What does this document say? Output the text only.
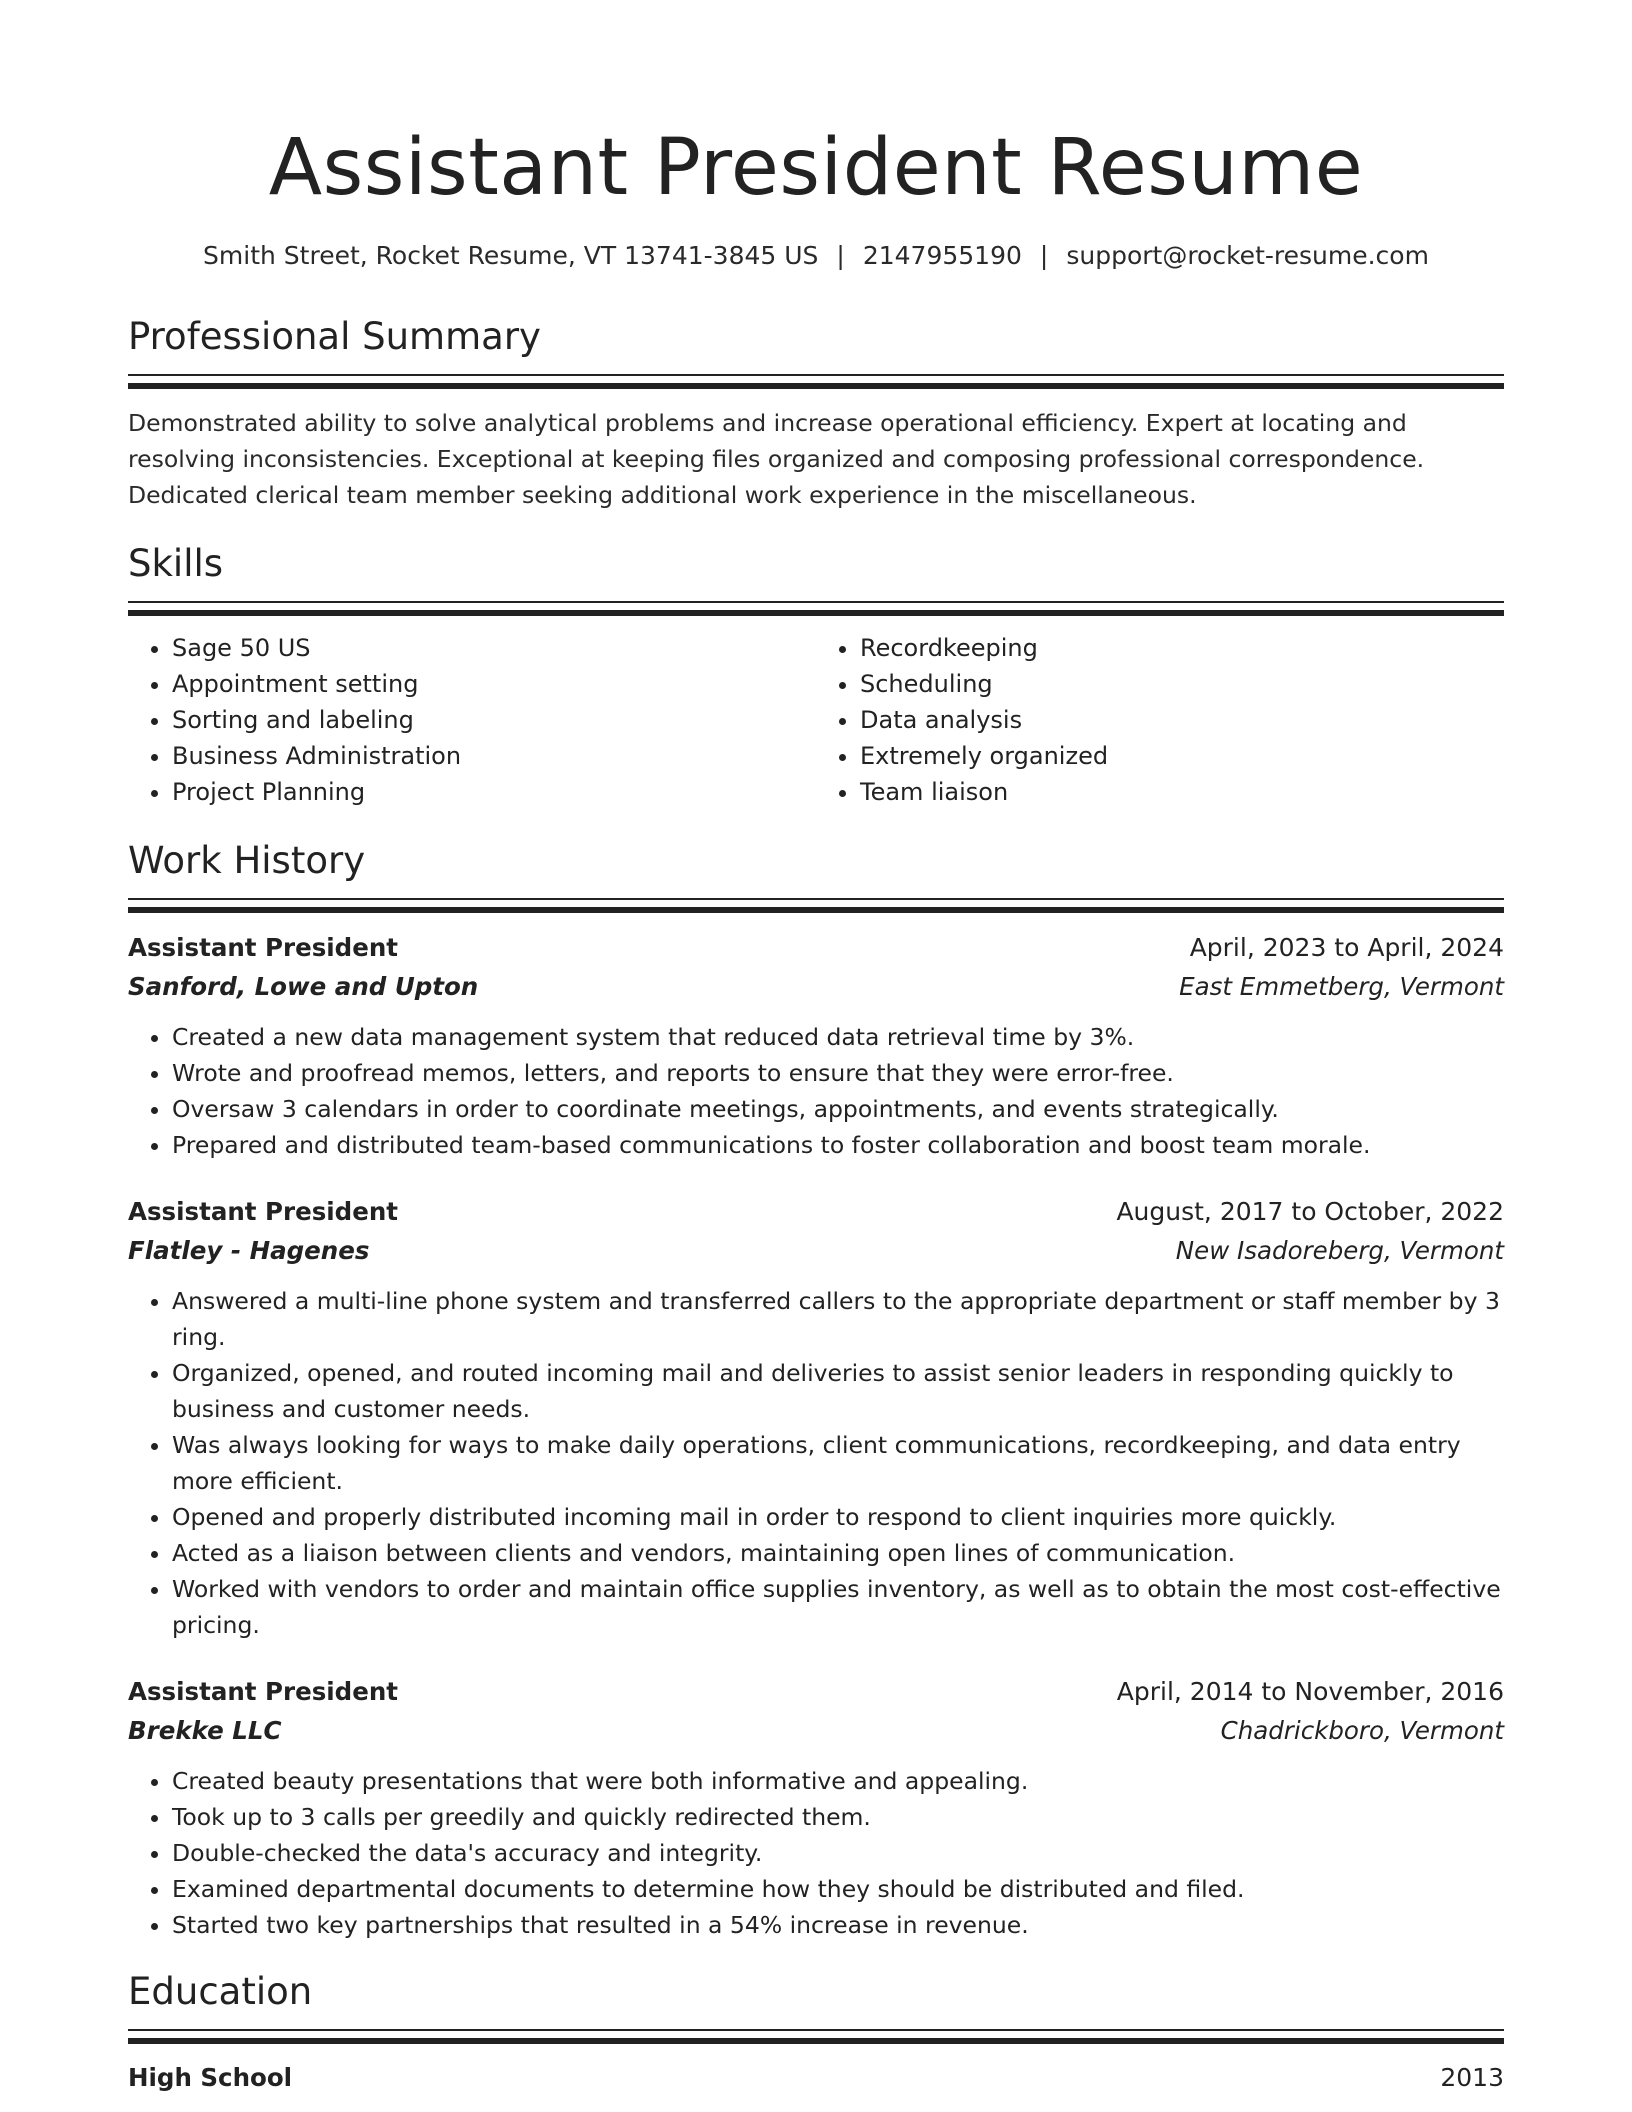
Assistant President Resume
Smith Street, Rocket Resume, VT 13741-3845 US | 2147955190 | support@rocket-resume.com
Professional Summary
Demonstrated ability to solve analytical problems and increase operational efficiency. Expert at locating and resolving inconsistencies. Exceptional at keeping files organized and composing professional correspondence. Dedicated clerical team member seeking additional work experience in the miscellaneous.
Skills
• Sage 50 US
• Appointment setting
• Sorting and labeling
• Business Administration
• Project Planning
• Recordkeeping
• Scheduling
• Data analysis
• Extremely organized
• Team liaison
Work History
Assistant President	April, 2023 to April, 2024
Sanford, Lowe and Upton	East Emmetberg, Vermont
• Created a new data management system that reduced data retrieval time by 3%.
• Wrote and proofread memos, letters, and reports to ensure that they were error-free.
• Oversaw 3 calendars in order to coordinate meetings, appointments, and events strategically.
• Prepared and distributed team-based communications to foster collaboration and boost team morale.
Assistant President	August, 2017 to October, 2022
Flatley - Hagenes	New Isadoreberg, Vermont
• Answered a multi-line phone system and transferred callers to the appropriate department or staff member by 3 ring.
• Organized, opened, and routed incoming mail and deliveries to assist senior leaders in responding quickly to business and customer needs.
• Was always looking for ways to make daily operations, client communications, recordkeeping, and data entry more efficient.
• Opened and properly distributed incoming mail in order to respond to client inquiries more quickly.
• Acted as a liaison between clients and vendors, maintaining open lines of communication.
• Worked with vendors to order and maintain office supplies inventory, as well as to obtain the most cost-effective pricing.
Assistant President	April, 2014 to November, 2016
Brekke LLC	Chadrickboro, Vermont
• Created beauty presentations that were both informative and appealing.
• Took up to 3 calls per greedily and quickly redirected them.
• Double-checked the data's accuracy and integrity.
• Examined departmental documents to determine how they should be distributed and filed.
• Started two key partnerships that resulted in a 54% increase in revenue.
Education
High School	2013
